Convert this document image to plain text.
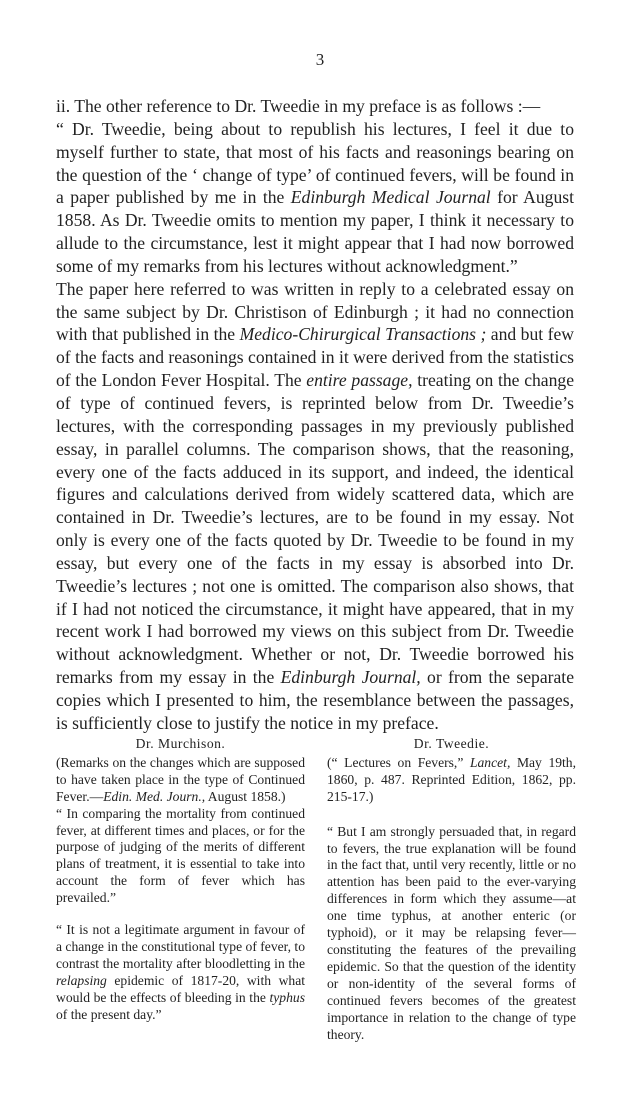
3

ii. The other reference to Dr. Tweedie in my preface is as follows :—

“ Dr. Tweedie, being about to republish his lectures, I feel it due to myself further to state, that most of his facts and reasonings bearing on the question of the ‘ change of type’ of continued fevers, will be found in a paper published by me in the Edinburgh Medical Journal for August 1858. As Dr. Tweedie omits to mention my paper, I think it necessary to allude to the circumstance, lest it might appear that I had now borrowed some of my remarks from his lectures without acknowledgment.”

The paper here referred to was written in reply to a celebrated essay on the same subject by Dr. Christison of Edinburgh ; it had no connection with that published in the Medico-Chirurgical Transactions ; and but few of the facts and reasonings contained in it were derived from the statistics of the London Fever Hospital. The entire passage, treating on the change of type of continued fevers, is reprinted below from Dr. Tweedie’s lectures, with the corresponding passages in my previously published essay, in parallel columns. The comparison shows, that the reasoning, every one of the facts adduced in its support, and indeed, the identical figures and calculations derived from widely scattered data, which are contained in Dr. Tweedie’s lectures, are to be found in my essay. Not only is every one of the facts quoted by Dr. Tweedie to be found in my essay, but every one of the facts in my essay is absorbed into Dr. Tweedie’s lectures ; not one is omitted. The comparison also shows, that if I had not noticed the circumstance, it might have appeared, that in my recent work I had borrowed my views on this subject from Dr. Tweedie without acknowledgment. Whether or not, Dr. Tweedie borrowed his remarks from my essay in the Edinburgh Journal, or from the separate copies which I presented to him, the resemblance between the passages, is sufficiently close to justify the notice in my preface.

Dr. Murchison.

(Remarks on the changes which are supposed to have taken place in the type of Continued Fever.—Edin. Med. Journ., August 1858.)

“ In comparing the mortality from continued fever, at different times and places, or for the purpose of judging of the merits of different plans of treatment, it is essential to take into account the form of fever which has prevailed.”

“ It is not a legitimate argument in favour of a change in the constitutional type of fever, to contrast the mortality after bloodletting in the relapsing epidemic of 1817-20, with what would be the effects of bleeding in the typhus of the present day.”

Dr. Tweedie.

(“ Lectures on Fevers,” Lancet, May 19th, 1860, p. 487. Reprinted Edition, 1862, pp. 215-17.)

“ But I am strongly persuaded that, in regard to fevers, the true explanation will be found in the fact that, until very recently, little or no attention has been paid to the ever-varying differences in form which they assume—at one time typhus, at another enteric (or typhoid), or it may be relapsing fever—constituting the features of the prevailing epidemic. So that the question of the identity or non-identity of the several forms of continued fevers becomes of the greatest importance in relation to the change of type theory.
